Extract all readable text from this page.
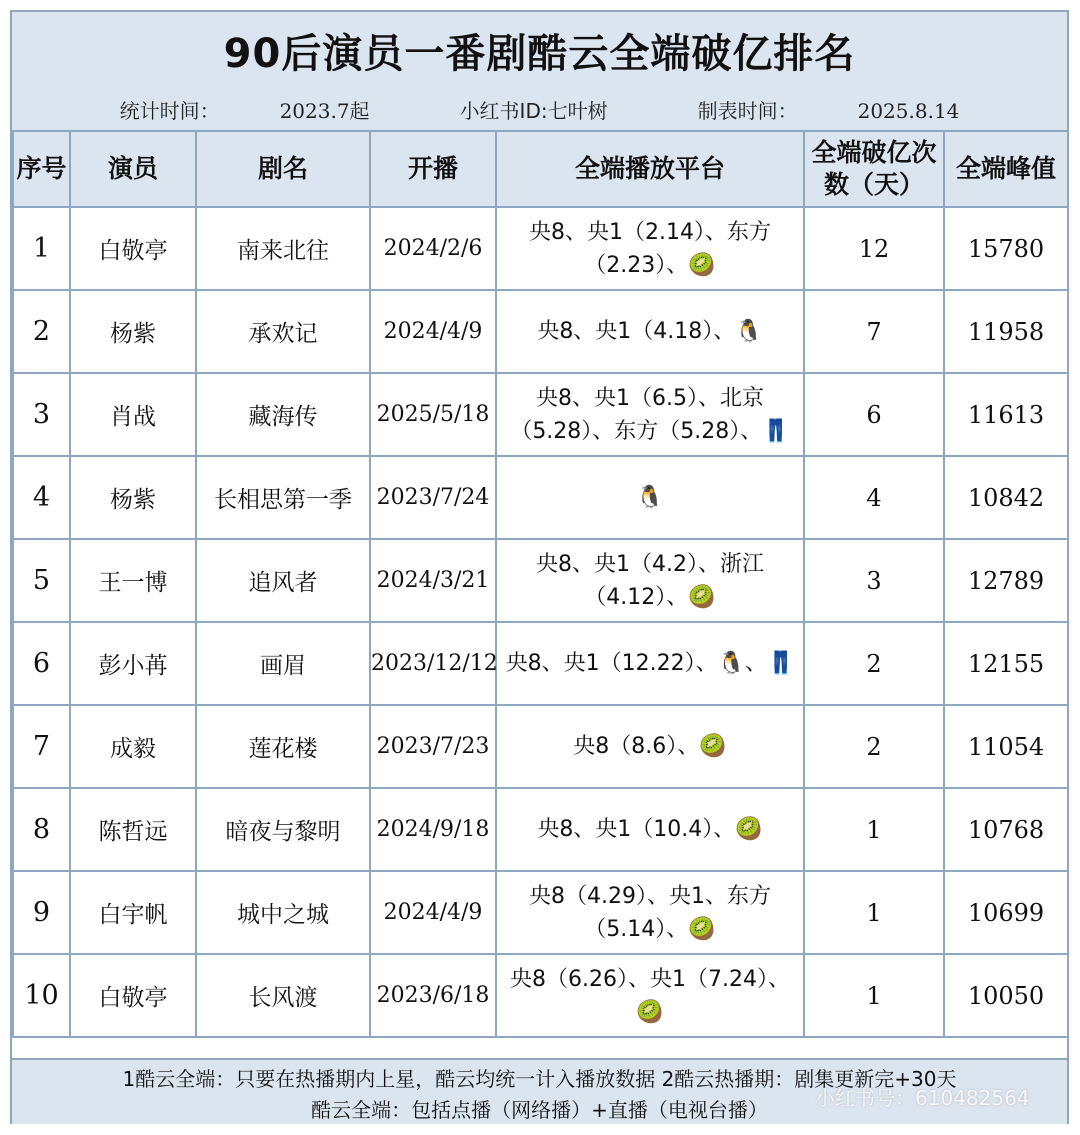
90后演员一番剧酷云全端破亿排名
统计时间：	2023.7起	小红书ID:七叶树	制表时间：	2025.8.14
序号	演员	剧名	开播	全端播放平台	全端破亿次数（天）	全端峰值
1	白敬亭	南来北往	2024/2/6	央8、央1（2.14）、东方（2.23）、🥝	12	15780
2	杨紫	承欢记	2024/4/9	央8、央1（4.18）、🐧	7	11958
3	肖战	藏海传	2025/5/18	央8、央1（6.5）、北京（5.28）、东方（5.28）、👖	6	11613
4	杨紫	长相思第一季	2023/7/24	🐧	4	10842
5	王一博	追风者	2024/3/21	央8、央1（4.2）、浙江（4.12）、🥝	3	12789
6	彭小苒	画眉	2023/12/12	央8、央1（12.22）、🐧、👖	2	12155
7	成毅	莲花楼	2023/7/23	央8（8.6）、🥝	2	11054
8	陈哲远	暗夜与黎明	2024/9/18	央8、央1（10.4）、🥝	1	10768
9	白宇帆	城中之城	2024/4/9	央8（4.29）、央1、东方（5.14）、🥝	1	10699
10	白敬亭	长风渡	2023/6/18	央8（6.26）、央1（7.24）、🥝	1	10050
1酷云全端：只要在热播期内上星，酷云均统一计入播放数据 2酷云热播期：剧集更新完+30天
酷云全端：包括点播（网络播）+直播（电视台播）	小红书号：610482564
